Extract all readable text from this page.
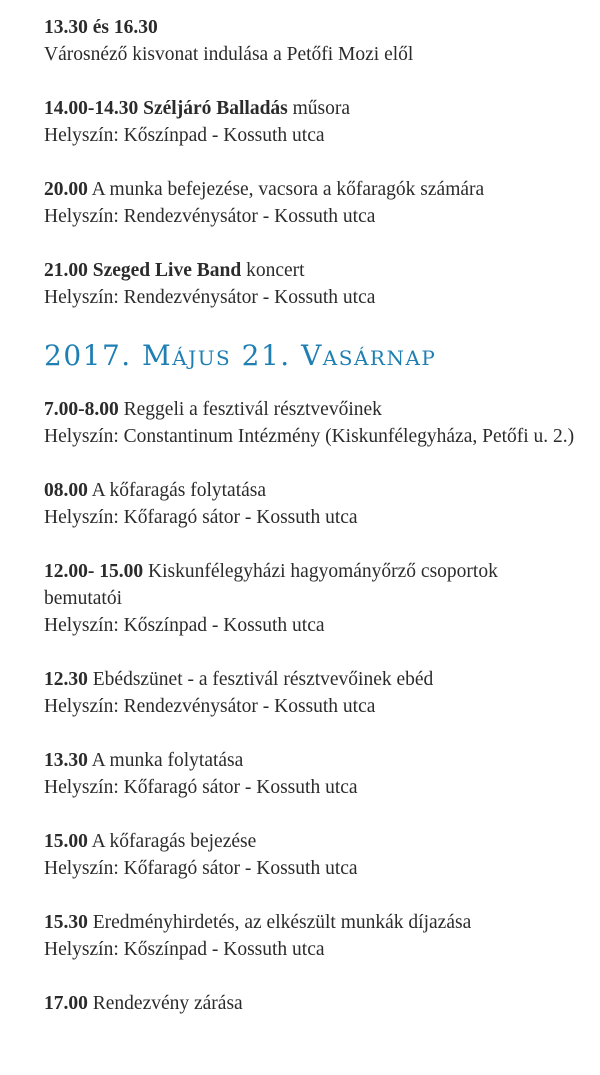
13.30 és 16.30
Városnéző kisvonat indulása a Petőfi Mozi elől
14.00-14.30 Széljáró Balladás műsora
Helyszín: Kőszínpad - Kossuth utca
20.00 A munka befejezése, vacsora a kőfaragók számára
Helyszín: Rendezvénysátor - Kossuth utca
21.00 Szeged Live Band koncert
Helyszín: Rendezvénysátor - Kossuth utca
2017. Május 21. Vasárnap
7.00-8.00 Reggeli a fesztivál résztvevőinek
Helyszín: Constantinum Intézmény (Kiskunfélegyháza, Petőfi u. 2.)
08.00 A kőfaragás folytatása
Helyszín: Kőfaragó sátor - Kossuth utca
12.00- 15.00 Kiskunfélegyházi hagyományőrző csoportok bemutatói
Helyszín: Kőszínpad - Kossuth utca
12.30 Ebédszünet - a fesztivál résztvevőinek ebéd
Helyszín: Rendezvénysátor - Kossuth utca
13.30 A munka folytatása
Helyszín: Kőfaragó sátor - Kossuth utca
15.00 A kőfaragás bejezése
Helyszín: Kőfaragó sátor - Kossuth utca
15.30 Eredményhirdetés, az elkészült munkák díjazása
Helyszín: Kőszínpad - Kossuth utca
17.00 Rendezvény zárása
